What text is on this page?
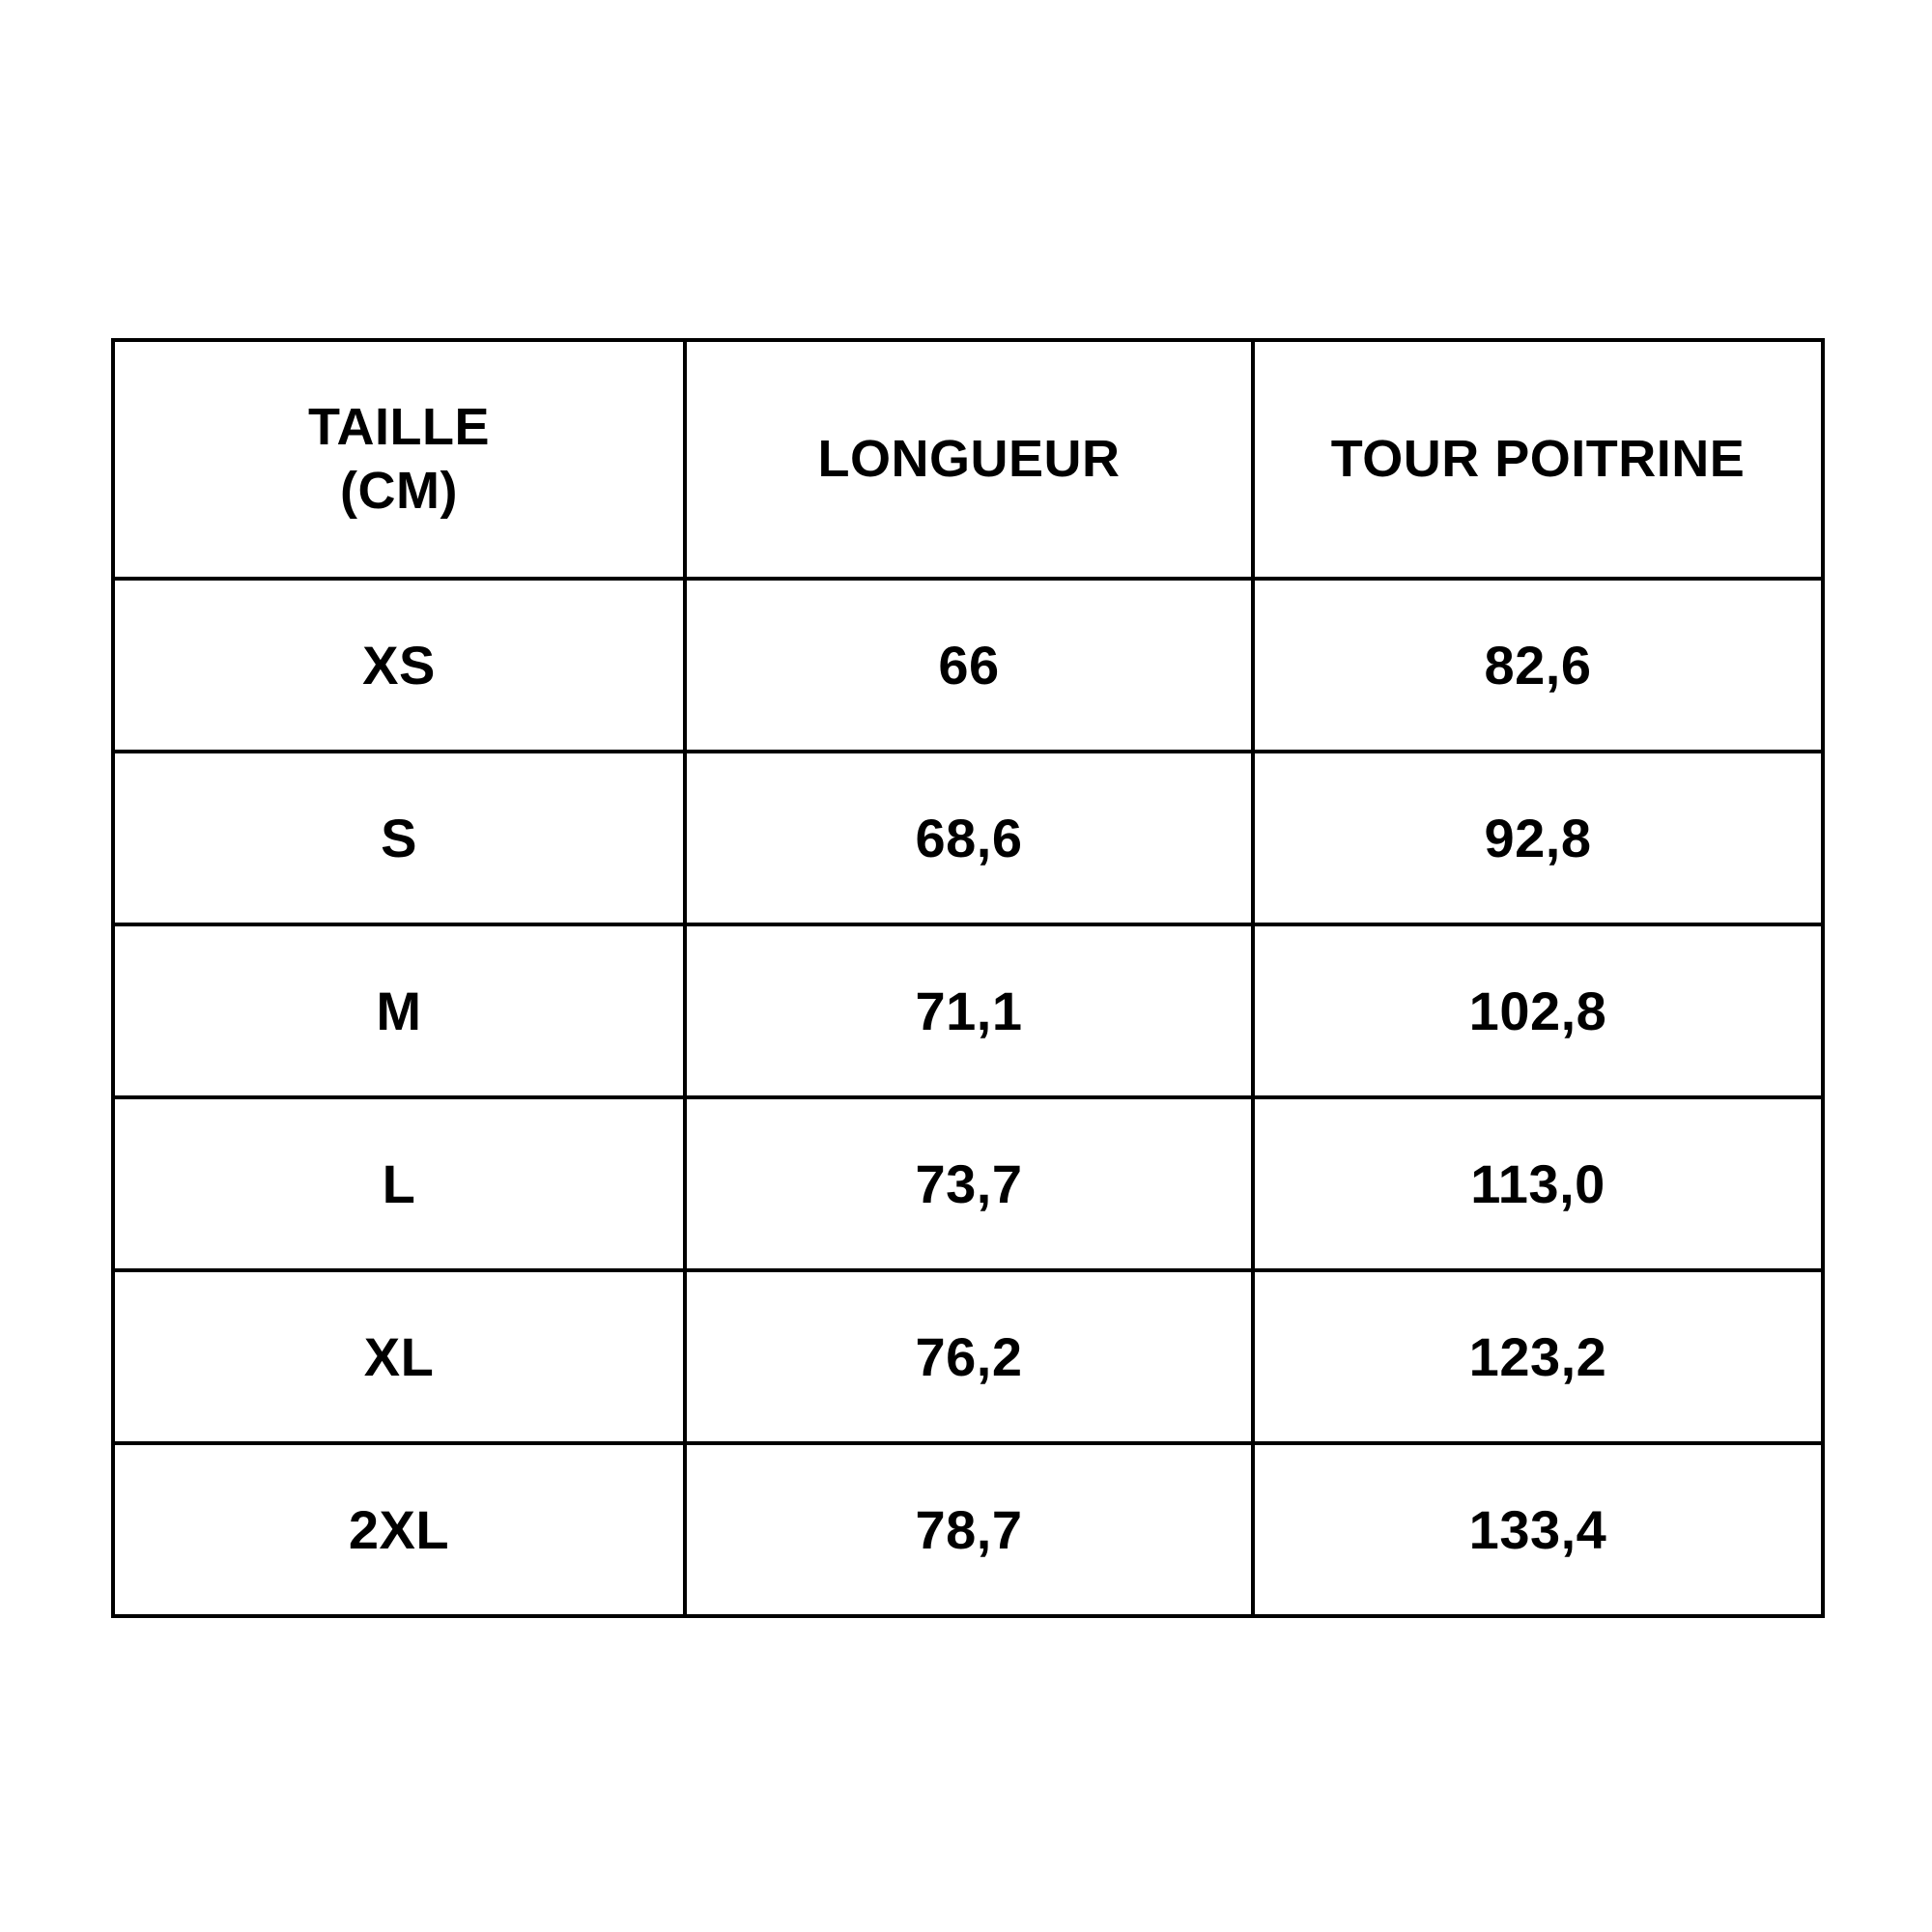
TAILLE
(CM)	LONGUEUR	TOUR POITRINE

XS	66	82,6
S	68,6	92,8
M	71,1	102,8
L	73,7	113,0
XL	76,2	123,2
2XL	78,7	133,4
